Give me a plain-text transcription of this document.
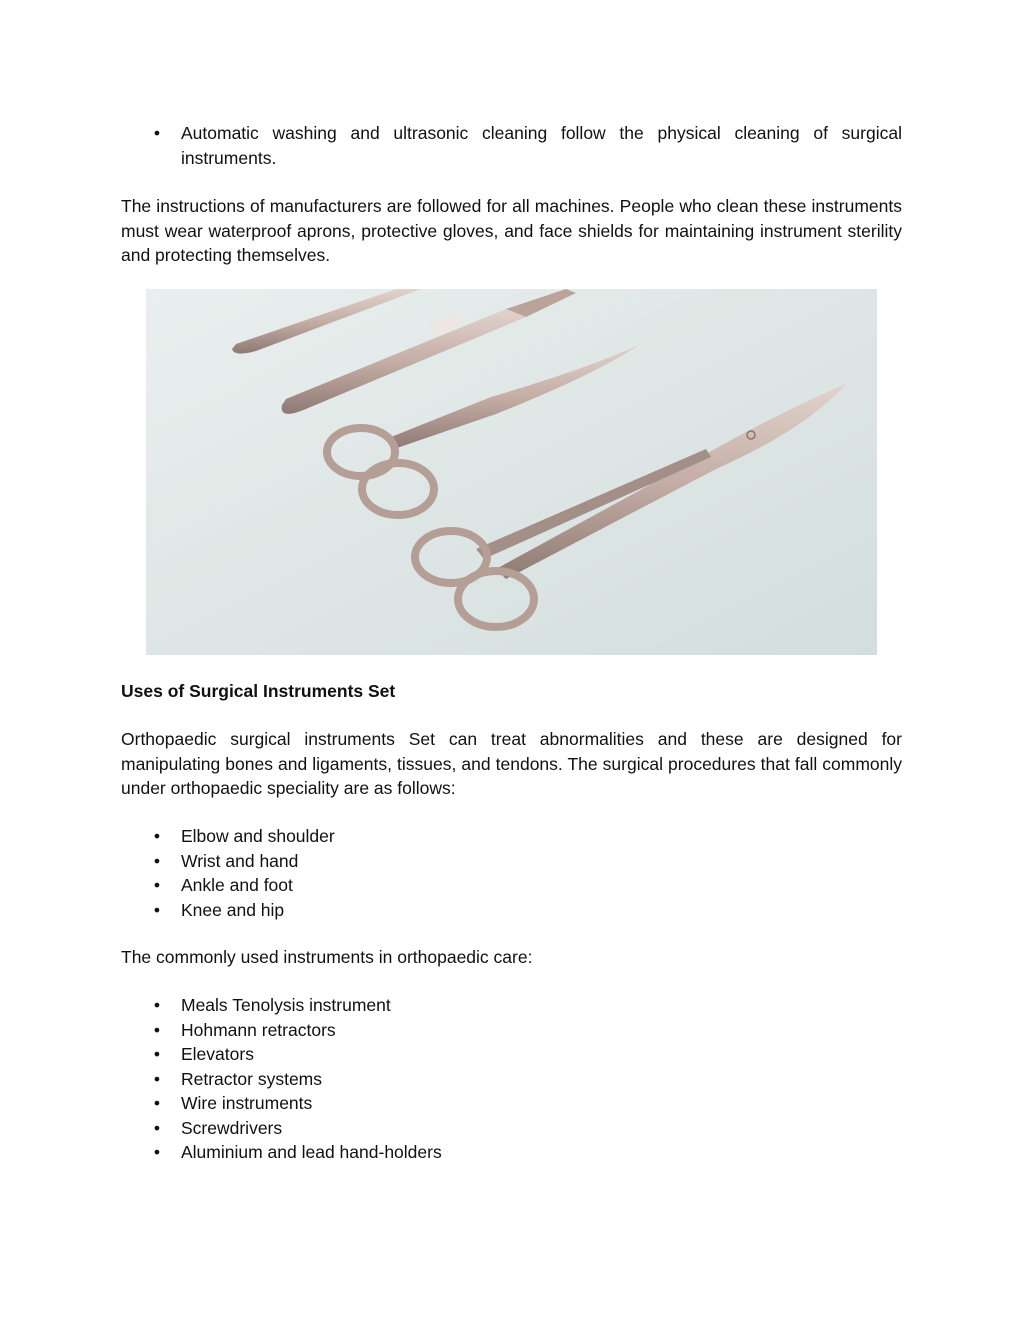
• Automatic washing and ultrasonic cleaning follow the physical cleaning of surgical instruments.

The instructions of manufacturers are followed for all machines. People who clean these instruments must wear waterproof aprons, protective gloves, and face shields for maintaining instrument sterility and protecting themselves.

Uses of Surgical Instruments Set

Orthopaedic surgical instruments Set can treat abnormalities and these are designed for manipulating bones and ligaments, tissues, and tendons. The surgical procedures that fall commonly under orthopaedic speciality are as follows:

• Elbow and shoulder
• Wrist and hand
• Ankle and foot
• Knee and hip

The commonly used instruments in orthopaedic care:

• Meals Tenolysis instrument
• Hohmann retractors
• Elevators
• Retractor systems
• Wire instruments
• Screwdrivers
• Aluminium and lead hand-holders
